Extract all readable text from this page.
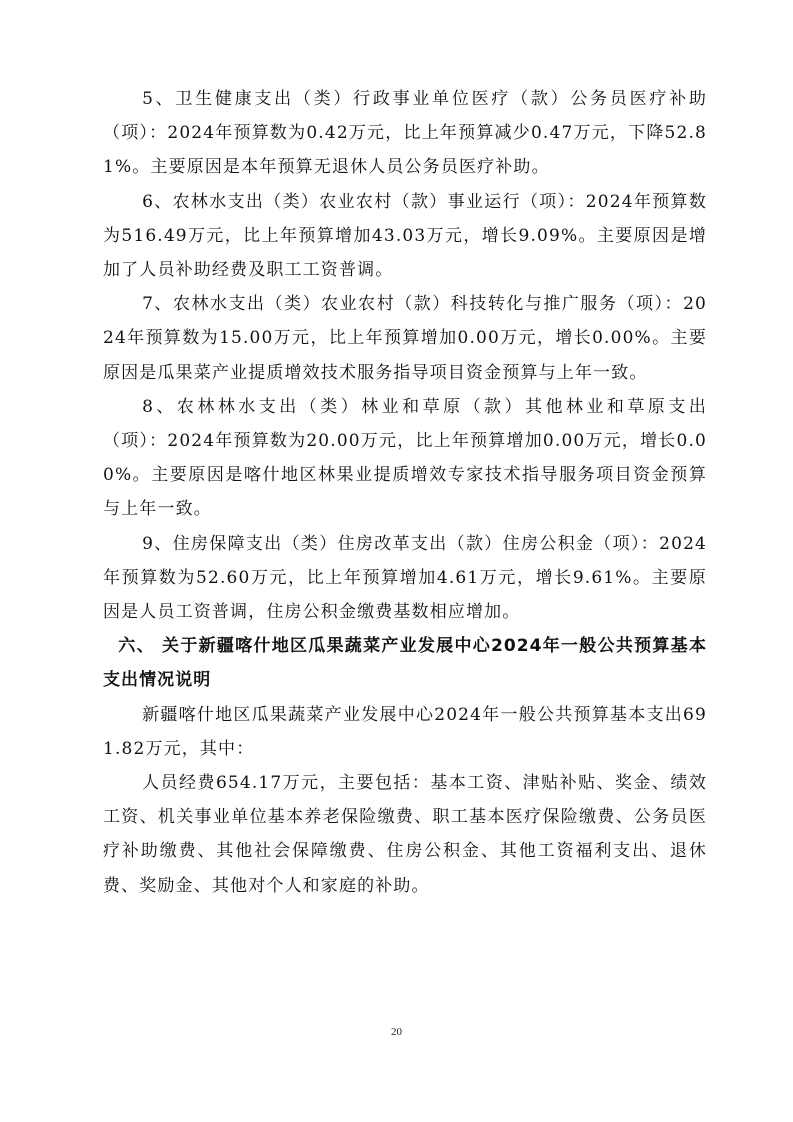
5、卫生健康支出（类）行政事业单位医疗（款）公务员医疗补助（项）：2024年预算数为0.42万元，比上年预算减少0.47万元，下降52.81%。主要原因是本年预算无退休人员公务员医疗补助。

6、农林水支出（类）农业农村（款）事业运行（项）：2024年预算数为516.49万元，比上年预算增加43.03万元，增长9.09%。主要原因是增加了人员补助经费及职工工资普调。

7、农林水支出（类）农业农村（款）科技转化与推广服务（项）：2024年预算数为15.00万元，比上年预算增加0.00万元，增长0.00%。主要原因是瓜果菜产业提质增效技术服务指导项目资金预算与上年一致。

8、农林林水支出（类）林业和草原（款）其他林业和草原支出（项）：2024年预算数为20.00万元，比上年预算增加0.00万元，增长0.00%。主要原因是喀什地区林果业提质增效专家技术指导服务项目资金预算与上年一致。

9、住房保障支出（类）住房改革支出（款）住房公积金（项）：2024年预算数为52.60万元，比上年预算增加4.61万元，增长9.61%。主要原因是人员工资普调，住房公积金缴费基数相应增加。

六、 关于新疆喀什地区瓜果蔬菜产业发展中心2024年一般公共预算基本支出情况说明

新疆喀什地区瓜果蔬菜产业发展中心2024年一般公共预算基本支出691.82万元，其中：

人员经费654.17万元，主要包括：基本工资、津贴补贴、奖金、绩效工资、机关事业单位基本养老保险缴费、职工基本医疗保险缴费、公务员医疗补助缴费、其他社会保障缴费、住房公积金、其他工资福利支出、退休费、奖励金、其他对个人和家庭的补助。

20
